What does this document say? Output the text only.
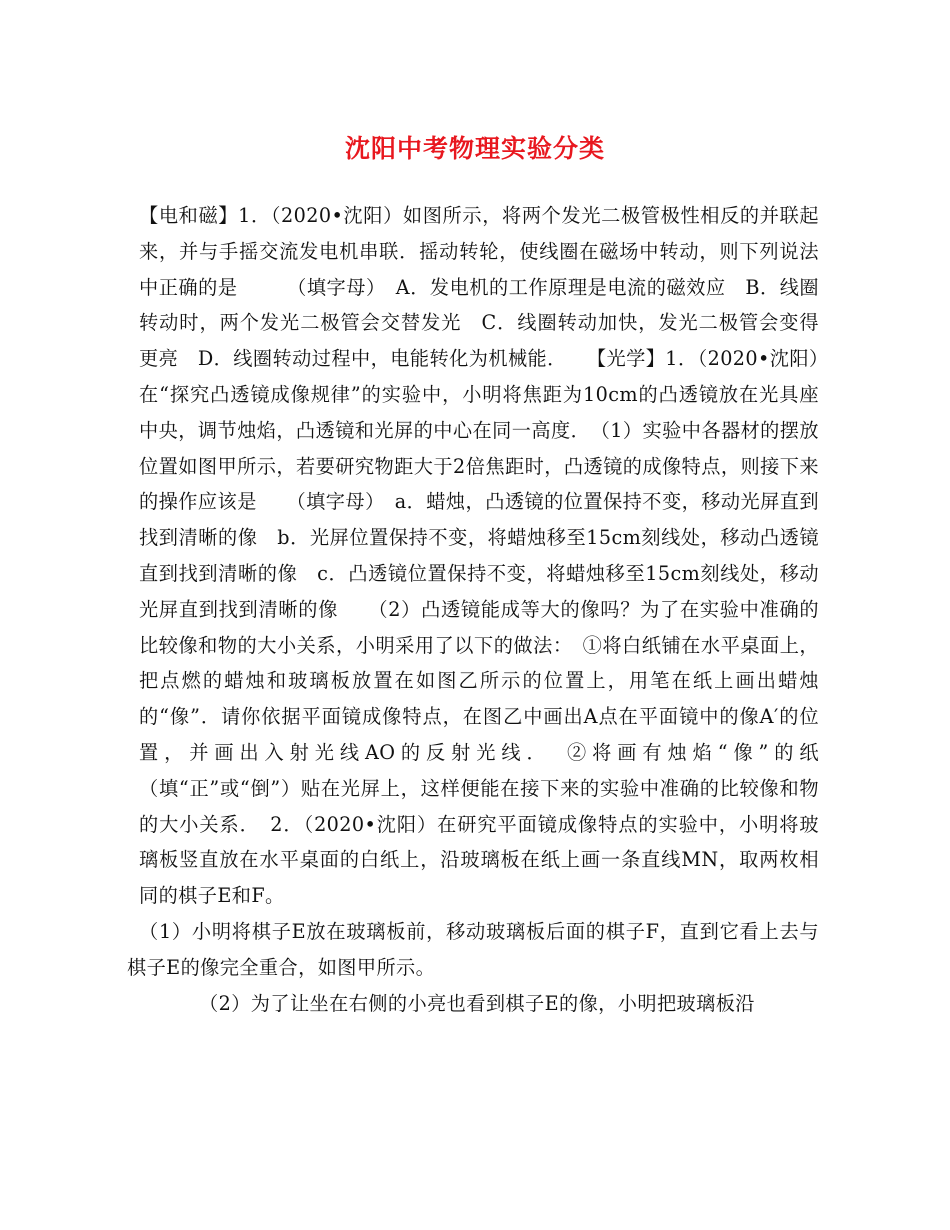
沈阳中考物理实验分类

【电和磁】1．（2020•沈阳）如图所示，将两个发光二极管极性相反的并联起来，并与手摇交流发电机串联．摇动转轮，使线圈在磁场中转动，则下列说法中正确的是　　　（填字母）　A．发电机的工作原理是电流的磁效应　B．线圈转动时，两个发光二极管会交替发光　C．线圈转动加快，发光二极管会变得更亮　D．线圈转动过程中，电能转化为机械能．　　【光学】1．（2020•沈阳）在“探究凸透镜成像规律”的实验中，小明将焦距为10cm的凸透镜放在光具座中央，调节烛焰，凸透镜和光屏的中心在同一高度．　（1）实验中各器材的摆放位置如图甲所示，若要研究物距大于2倍焦距时，凸透镜的成像特点，则接下来的操作应该是　　（填字母）　a．蜡烛，凸透镜的位置保持不变，移动光屏直到找到清晰的像　b．光屏位置保持不变，将蜡烛移至15cm刻线处，移动凸透镜直到找到清晰的像　c．凸透镜位置保持不变，将蜡烛移至15cm刻线处，移动光屏直到找到清晰的像　　（2）凸透镜能成等大的像吗？为了在实验中准确的比较像和物的大小关系，小明采用了以下的做法：　①将白纸铺在水平桌面上，把点燃的蜡烛和玻璃板放置在如图乙所示的位置上，用笔在纸上画出蜡烛的“像”．请你依据平面镜成像特点，在图乙中画出A点在平面镜中的像A′的位置，并画出入射光线AO的反射光线．　②将画有烛焰“像”的纸　　　（填“正”或“倒”）贴在光屏上，这样便能在接下来的实验中准确的比较像和物的大小关系．　2．（2020•沈阳）在研究平面镜成像特点的实验中，小明将玻璃板竖直放在水平桌面的白纸上，沿玻璃板在纸上画一条直线MN，取两枚相同的棋子E和F。

（1）小明将棋子E放在玻璃板前，移动玻璃板后面的棋子F，直到它看上去与棋子E的像完全重合，如图甲所示。

（2）为了让坐在右侧的小亮也看到棋子E的像，小明把玻璃板沿
